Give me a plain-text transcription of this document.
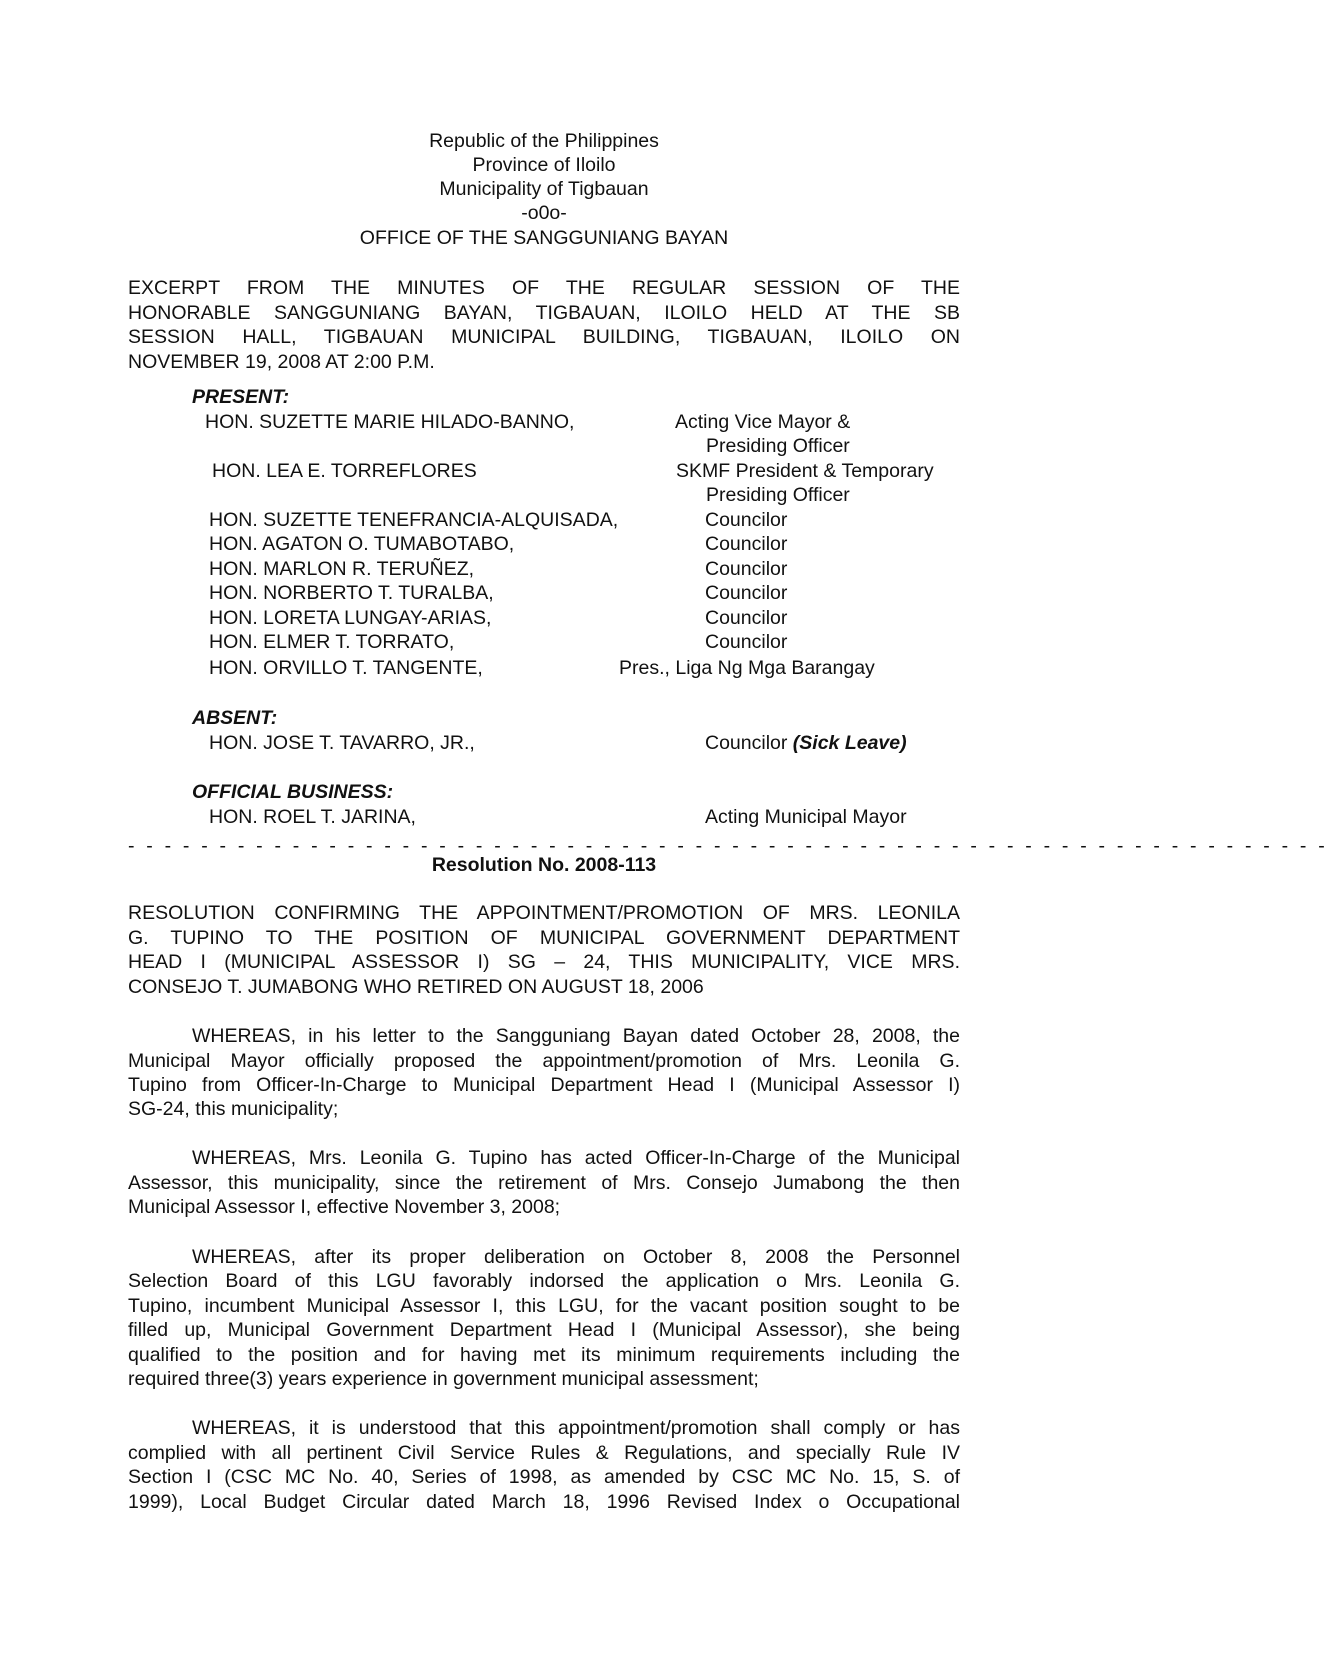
Republic of the Philippines
Province of Iloilo
Municipality of Tigbauan
-o0o-
OFFICE OF THE SANGGUNIANG BAYAN
EXCERPT FROM THE MINUTES OF THE REGULAR SESSION OF THE
HONORABLE SANGGUNIANG BAYAN, TIGBAUAN, ILOILO HELD AT THE SB
SESSION HALL, TIGBAUAN MUNICIPAL BUILDING, TIGBAUAN, ILOILO ON
NOVEMBER 19, 2008 AT 2:00 P.M.
PRESENT:
HON. SUZETTE MARIE HILADO-BANNO,	Acting Vice Mayor &
Presiding Officer
HON. LEA E. TORREFLORES	SKMF President & Temporary
Presiding Officer
HON. SUZETTE TENEFRANCIA-ALQUISADA,	Councilor
HON. AGATON O. TUMABOTABO,	Councilor
HON. MARLON R. TERUÑEZ,	Councilor
HON. NORBERTO T. TURALBA,	Councilor
HON. LORETA LUNGAY-ARIAS,	Councilor
HON. ELMER T. TORRATO,	Councilor
HON. ORVILLO T. TANGENTE,	Pres., Liga Ng Mga Barangay
ABSENT:
HON. JOSE T. TAVARRO, JR.,	Councilor (Sick Leave)
OFFICIAL BUSINESS:
HON. ROEL T. JARINA,	Acting Municipal Mayor
- - - - - - - - - - - - - - - - - - - - - - - - - - - - - - - - - - - - - - - - - - - - - - - - - - - - - - - - - - - - - - - - - -
Resolution No. 2008-113
RESOLUTION CONFIRMING THE APPOINTMENT/PROMOTION OF MRS. LEONILA
G. TUPINO TO THE POSITION OF MUNICIPAL GOVERNMENT DEPARTMENT
HEAD I (MUNICIPAL ASSESSOR I) SG – 24, THIS MUNICIPALITY, VICE MRS.
CONSEJO T. JUMABONG WHO RETIRED ON AUGUST 18, 2006
WHEREAS, in his letter to the Sangguniang Bayan dated October 28, 2008, the
Municipal Mayor officially proposed the appointment/promotion of Mrs. Leonila G.
Tupino from Officer-In-Charge to Municipal Department Head I (Municipal Assessor I)
SG-24, this municipality;
WHEREAS, Mrs. Leonila G. Tupino has acted Officer-In-Charge of the Municipal
Assessor, this municipality, since the retirement of Mrs. Consejo Jumabong the then
Municipal Assessor I, effective November 3, 2008;
WHEREAS, after its proper deliberation on October 8, 2008 the Personnel
Selection Board of this LGU favorably indorsed the application o Mrs. Leonila G.
Tupino, incumbent Municipal Assessor I, this LGU, for the vacant position sought to be
filled up, Municipal Government Department Head I (Municipal Assessor), she being
qualified to the position and for having met its minimum requirements including the
required three(3) years experience in government municipal assessment;
WHEREAS, it is understood that this appointment/promotion shall comply or has
complied with all pertinent Civil Service Rules & Regulations, and specially Rule IV
Section I (CSC MC No. 40, Series of 1998, as amended by CSC MC No. 15, S. of
1999), Local Budget Circular dated March 18, 1996 Revised Index o Occupational
